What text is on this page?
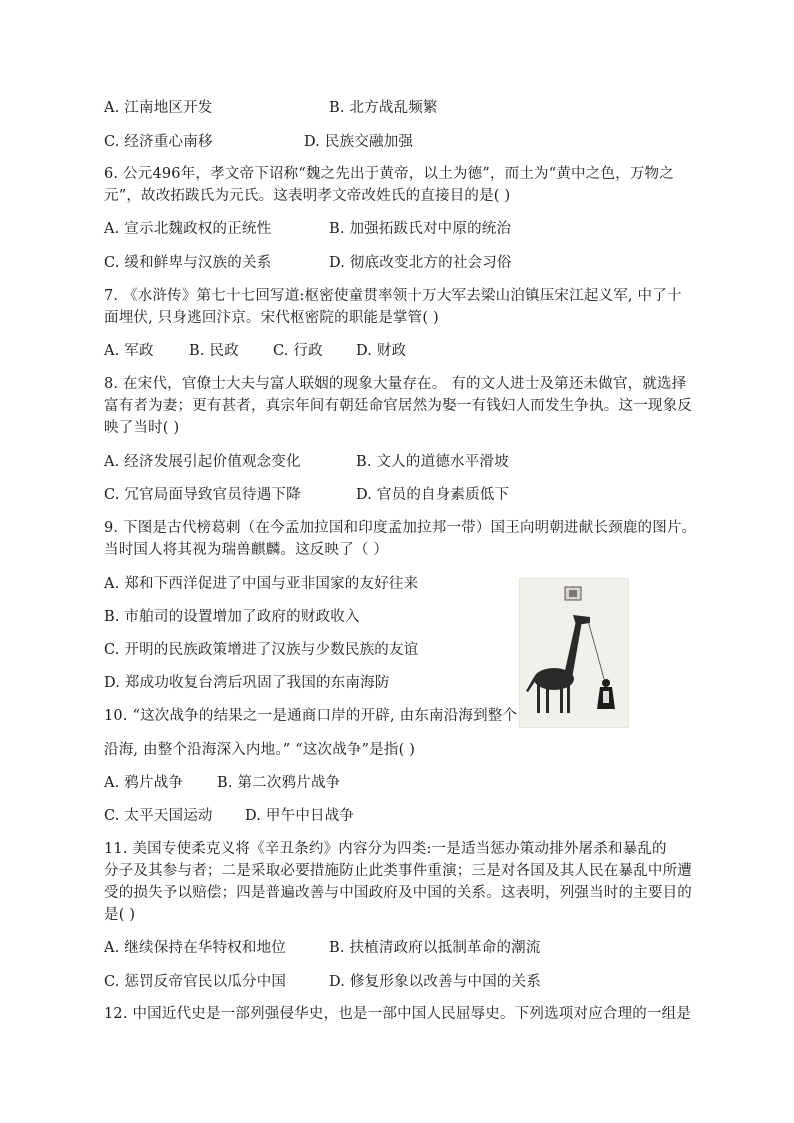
A. 江南地区开发	B. 北方战乱频繁
C. 经济重心南移	D. 民族交融加强
6. 公元496年，孝文帝下诏称“魏之先出于黄帝，以土为德”，而土为“黄中之色，万物之
元”，故改拓跋氏为元氏。这表明孝文帝改姓氏的直接目的是( )
A. 宣示北魏政权的正统性	B. 加强拓跋氏对中原的统治
C. 缓和鲜卑与汉族的关系	D. 彻底改变北方的社会习俗
7. 《水浒传》第七十七回写道:枢密使童贯率领十万大军去梁山泊镇压宋江起义军, 中了十
面埋伏, 只身逃回汴京。宋代枢密院的职能是掌管( )
A. 军政 B. 民政 C. 行政 D. 财政
8. 在宋代，官僚士大夫与富人联姻的现象大量存在。 有的文人进士及第还未做官，就选择
富有者为妻；更有甚者，真宗年间有朝廷命官居然为娶一有钱妇人而发生争执。这一现象反
映了当时( )
A. 经济发展引起价值观念变化	B. 文人的道德水平滑坡
C. 冗官局面导致官员待遇下降	D. 官员的自身素质低下
9. 下图是古代榜葛剌（在今孟加拉国和印度孟加拉邦一带）国王向明朝进献长颈鹿的图片。
当时国人将其视为瑞兽麒麟。这反映了（ ）
A. 郑和下西洋促进了中国与亚非国家的友好往来
B. 市舶司的设置增加了政府的财政收入
C. 开明的民族政策增进了汉族与少数民族的友谊
D. 郑成功收复台湾后巩固了我国的东南海防
10. “这次战争的结果之一是通商口岸的开辟, 由东南沿海到整个
沿海, 由整个沿海深入内地。” “这次战争”是指( )
A. 鸦片战争 B. 第二次鸦片战争
C. 太平天国运动 D. 甲午中日战争
11. 美国专使柔克义将《辛丑条约》内容分为四类:一是适当惩办策动排外屠杀和暴乱的
分子及其参与者；二是采取必要措施防止此类事件重演；三是对各国及其人民在暴乱中所遭
受的损失予以赔偿；四是普遍改善与中国政府及中国的关系。这表明，列强当时的主要目的
是( )
A. 继续保持在华特权和地位	B. 扶植清政府以抵制革命的潮流
C. 惩罚反帝官民以瓜分中国	D. 修复形象以改善与中国的关系
12. 中国近代史是一部列强侵华史，也是一部中国人民屈辱史。下列选项对应合理的一组是
